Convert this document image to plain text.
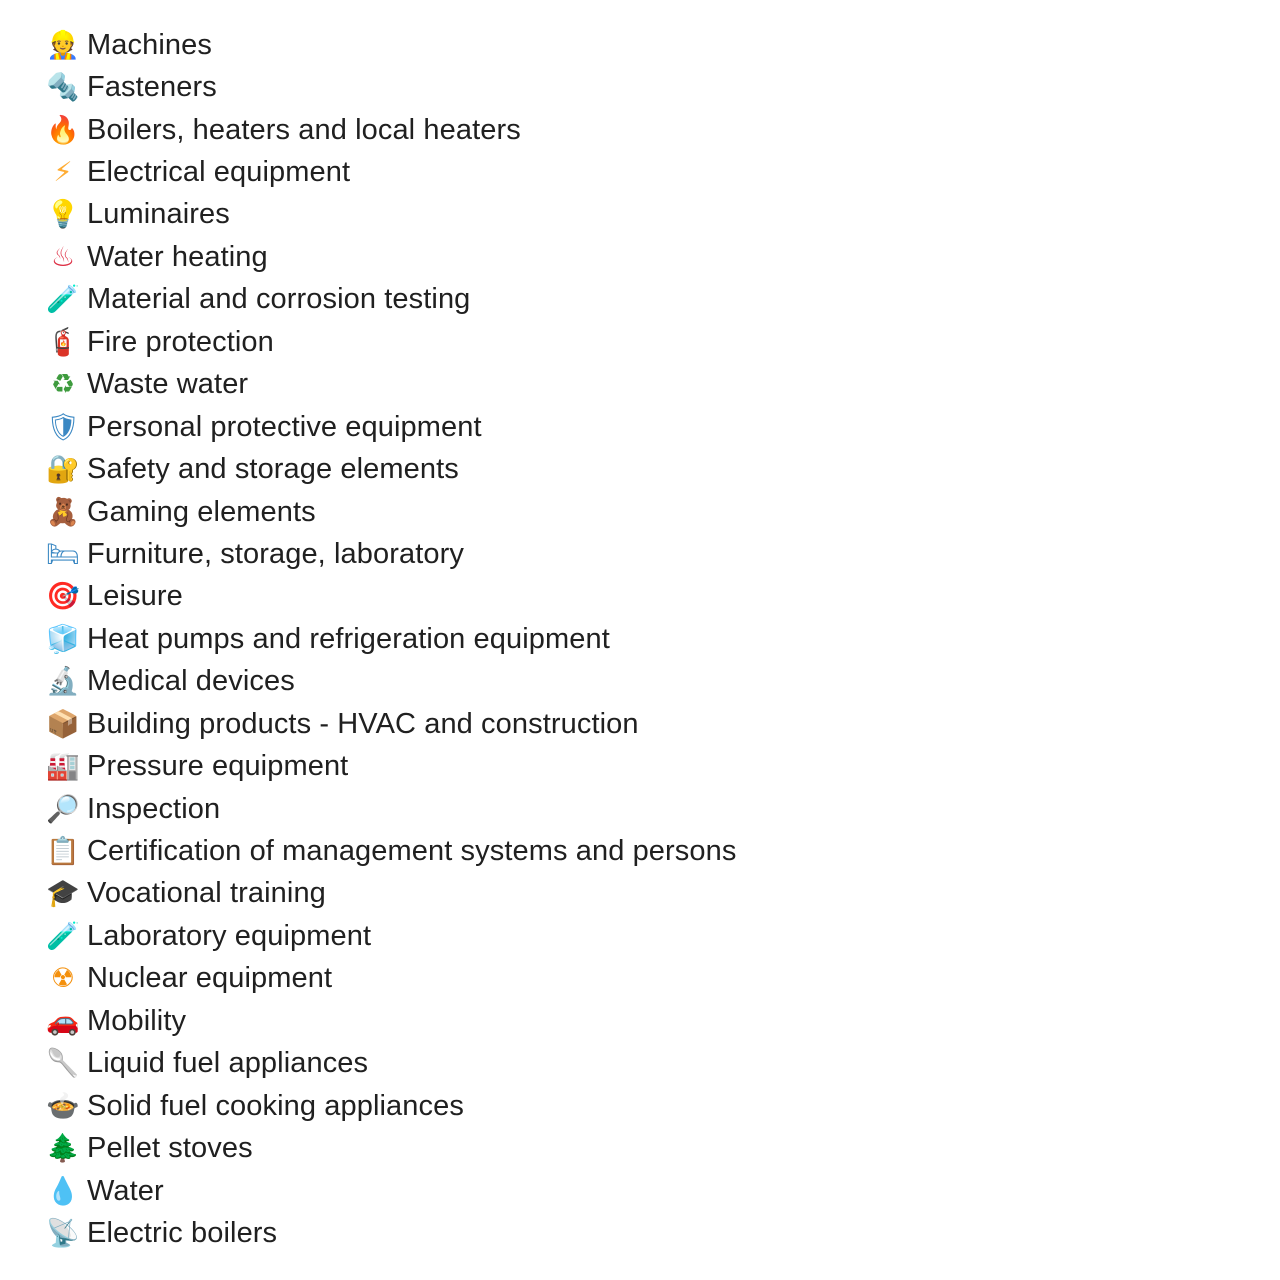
👷 Machines
🔩 Fasteners
🔥 Boilers, heaters and local heaters
⚡ Electrical equipment
💡 Luminaires
♨ Water heating
🧪 Material and corrosion testing
🧯 Fire protection
♻ Waste water
🛡 Personal protective equipment
🔐 Safety and storage elements
🧸 Gaming elements
🛏 Furniture, storage, laboratory
🎯 Leisure
🧊 Heat pumps and refrigeration equipment
🔬 Medical devices
📦 Building products - HVAC and construction
🏭 Pressure equipment
🔎 Inspection
📋 Certification of management systems and persons
🎓 Vocational training
🧪 Laboratory equipment
☢ Nuclear equipment
🚗 Mobility
🥄 Liquid fuel appliances
🍲 Solid fuel cooking appliances
🌲 Pellet stoves
💧 Water
📡 Electric boilers
